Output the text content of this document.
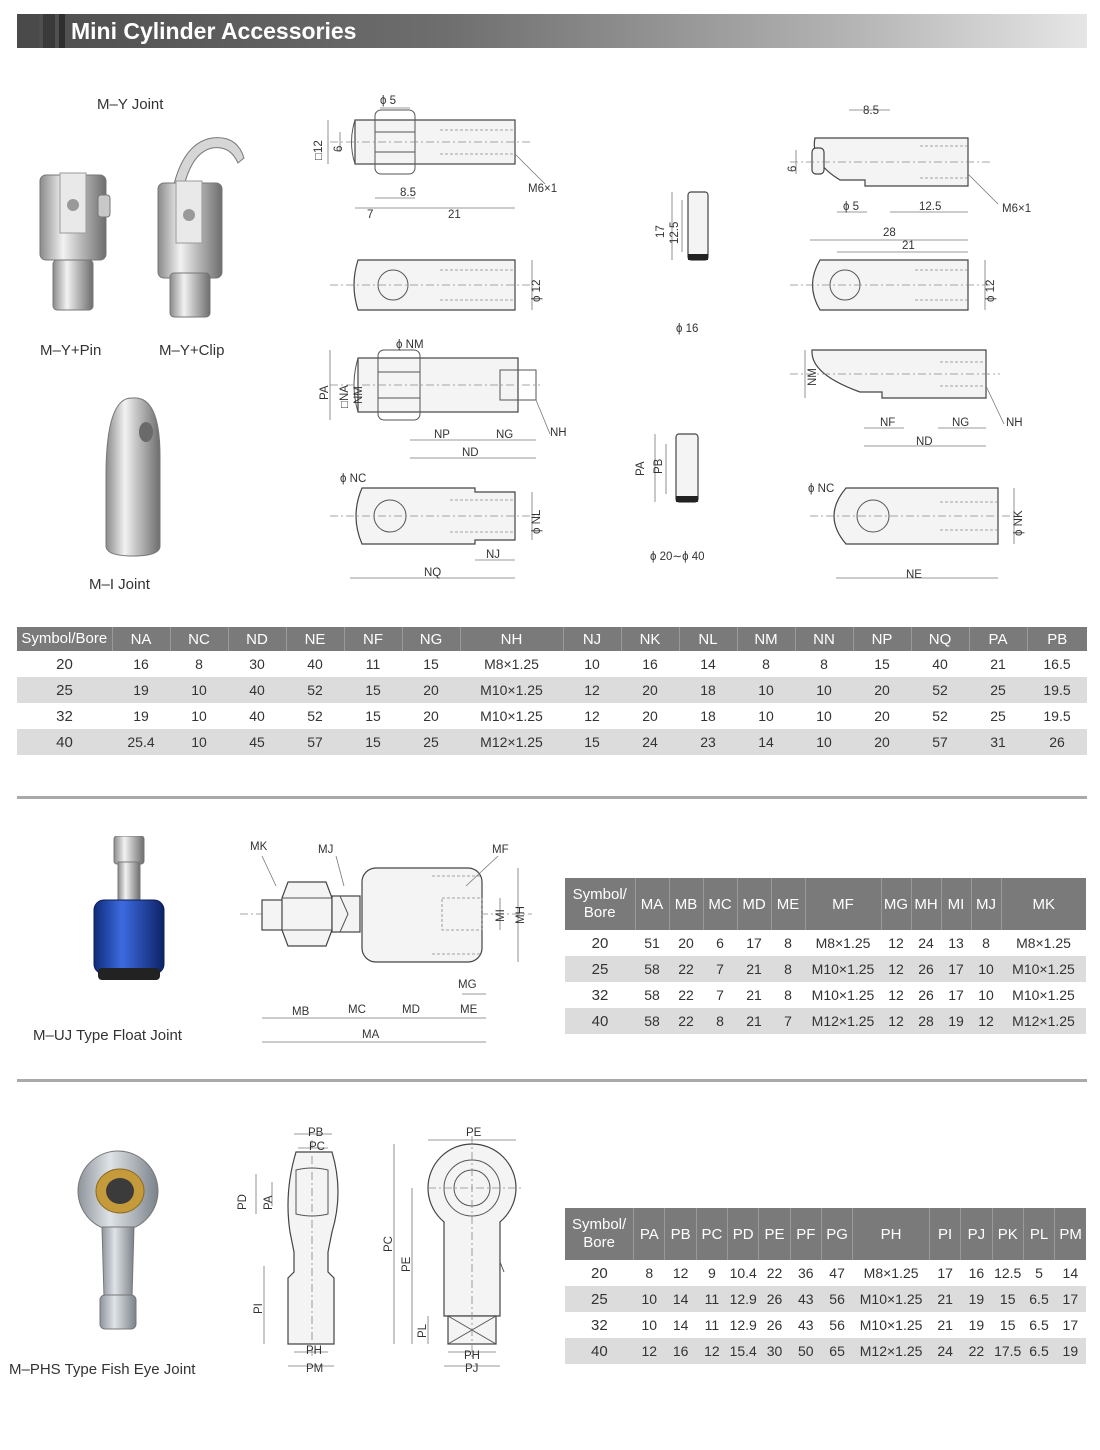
Mini Cylinder Accessories
M–Y Joint
M–Y+Pin	M–Y+Clip
M–I Joint
ϕ 5
□12 6
M6×1
8.5
7	21
ϕ 12
17 12.5
ϕ 16
8.5
6
ϕ 5	12.5	M6×1
28
21
ϕ 12
ϕ NM
PA □NA NM
NP	NG	NH
ND
ϕ NC
ϕ NL
NJ
NQ
PA PB
ϕ 20∼ϕ 40
NM
NF	NG	NH
ND
ϕ NC
ϕ NK
NE
Symbol/Bore	NA	NC	ND	NE	NF	NG	NH	NJ	NK	NL	NM	NN	NP	NQ	PA	PB
20	16	8	30	40	11	15	M8×1.25	10	16	14	8	8	15	40	21	16.5
25	19	10	40	52	15	20	M10×1.25	12	20	18	10	10	20	52	25	19.5
32	19	10	40	52	15	20	M10×1.25	12	20	18	10	10	20	52	25	19.5
40	25.4	10	45	57	15	25	M12×1.25	15	24	23	14	10	20	57	31	26
M–UJ Type Float Joint
MK	MJ	MF
MI MH
MG
MB	MC	MD	ME
MA
Symbol/ Bore	MA	MB	MC	MD	ME	MF	MG	MH	MI	MJ	MK
20	51	20	6	17	8	M8×1.25	12	24	13	8	M8×1.25
25	58	22	7	21	8	M10×1.25	12	26	17	10	M10×1.25
32	58	22	7	21	8	M10×1.25	12	26	17	10	M10×1.25
40	58	22	8	21	7	M12×1.25	12	28	19	12	M12×1.25
M–PHS Type Fish Eye Joint
PB
PC
PD PA
PI
PH
PM
PE
PC
PE
PL
PH
PJ
Symbol/ Bore	PA	PB	PC	PD	PE	PF	PG	PH	PI	PJ	PK	PL	PM
20	8	12	9	10.4	22	36	47	M8×1.25	17	16	12.5	5	14
25	10	14	11	12.9	26	43	56	M10×1.25	21	19	15	6.5	17
32	10	14	11	12.9	26	43	56	M10×1.25	21	19	15	6.5	17
40	12	16	12	15.4	30	50	65	M12×1.25	24	22	17.5	6.5	19
